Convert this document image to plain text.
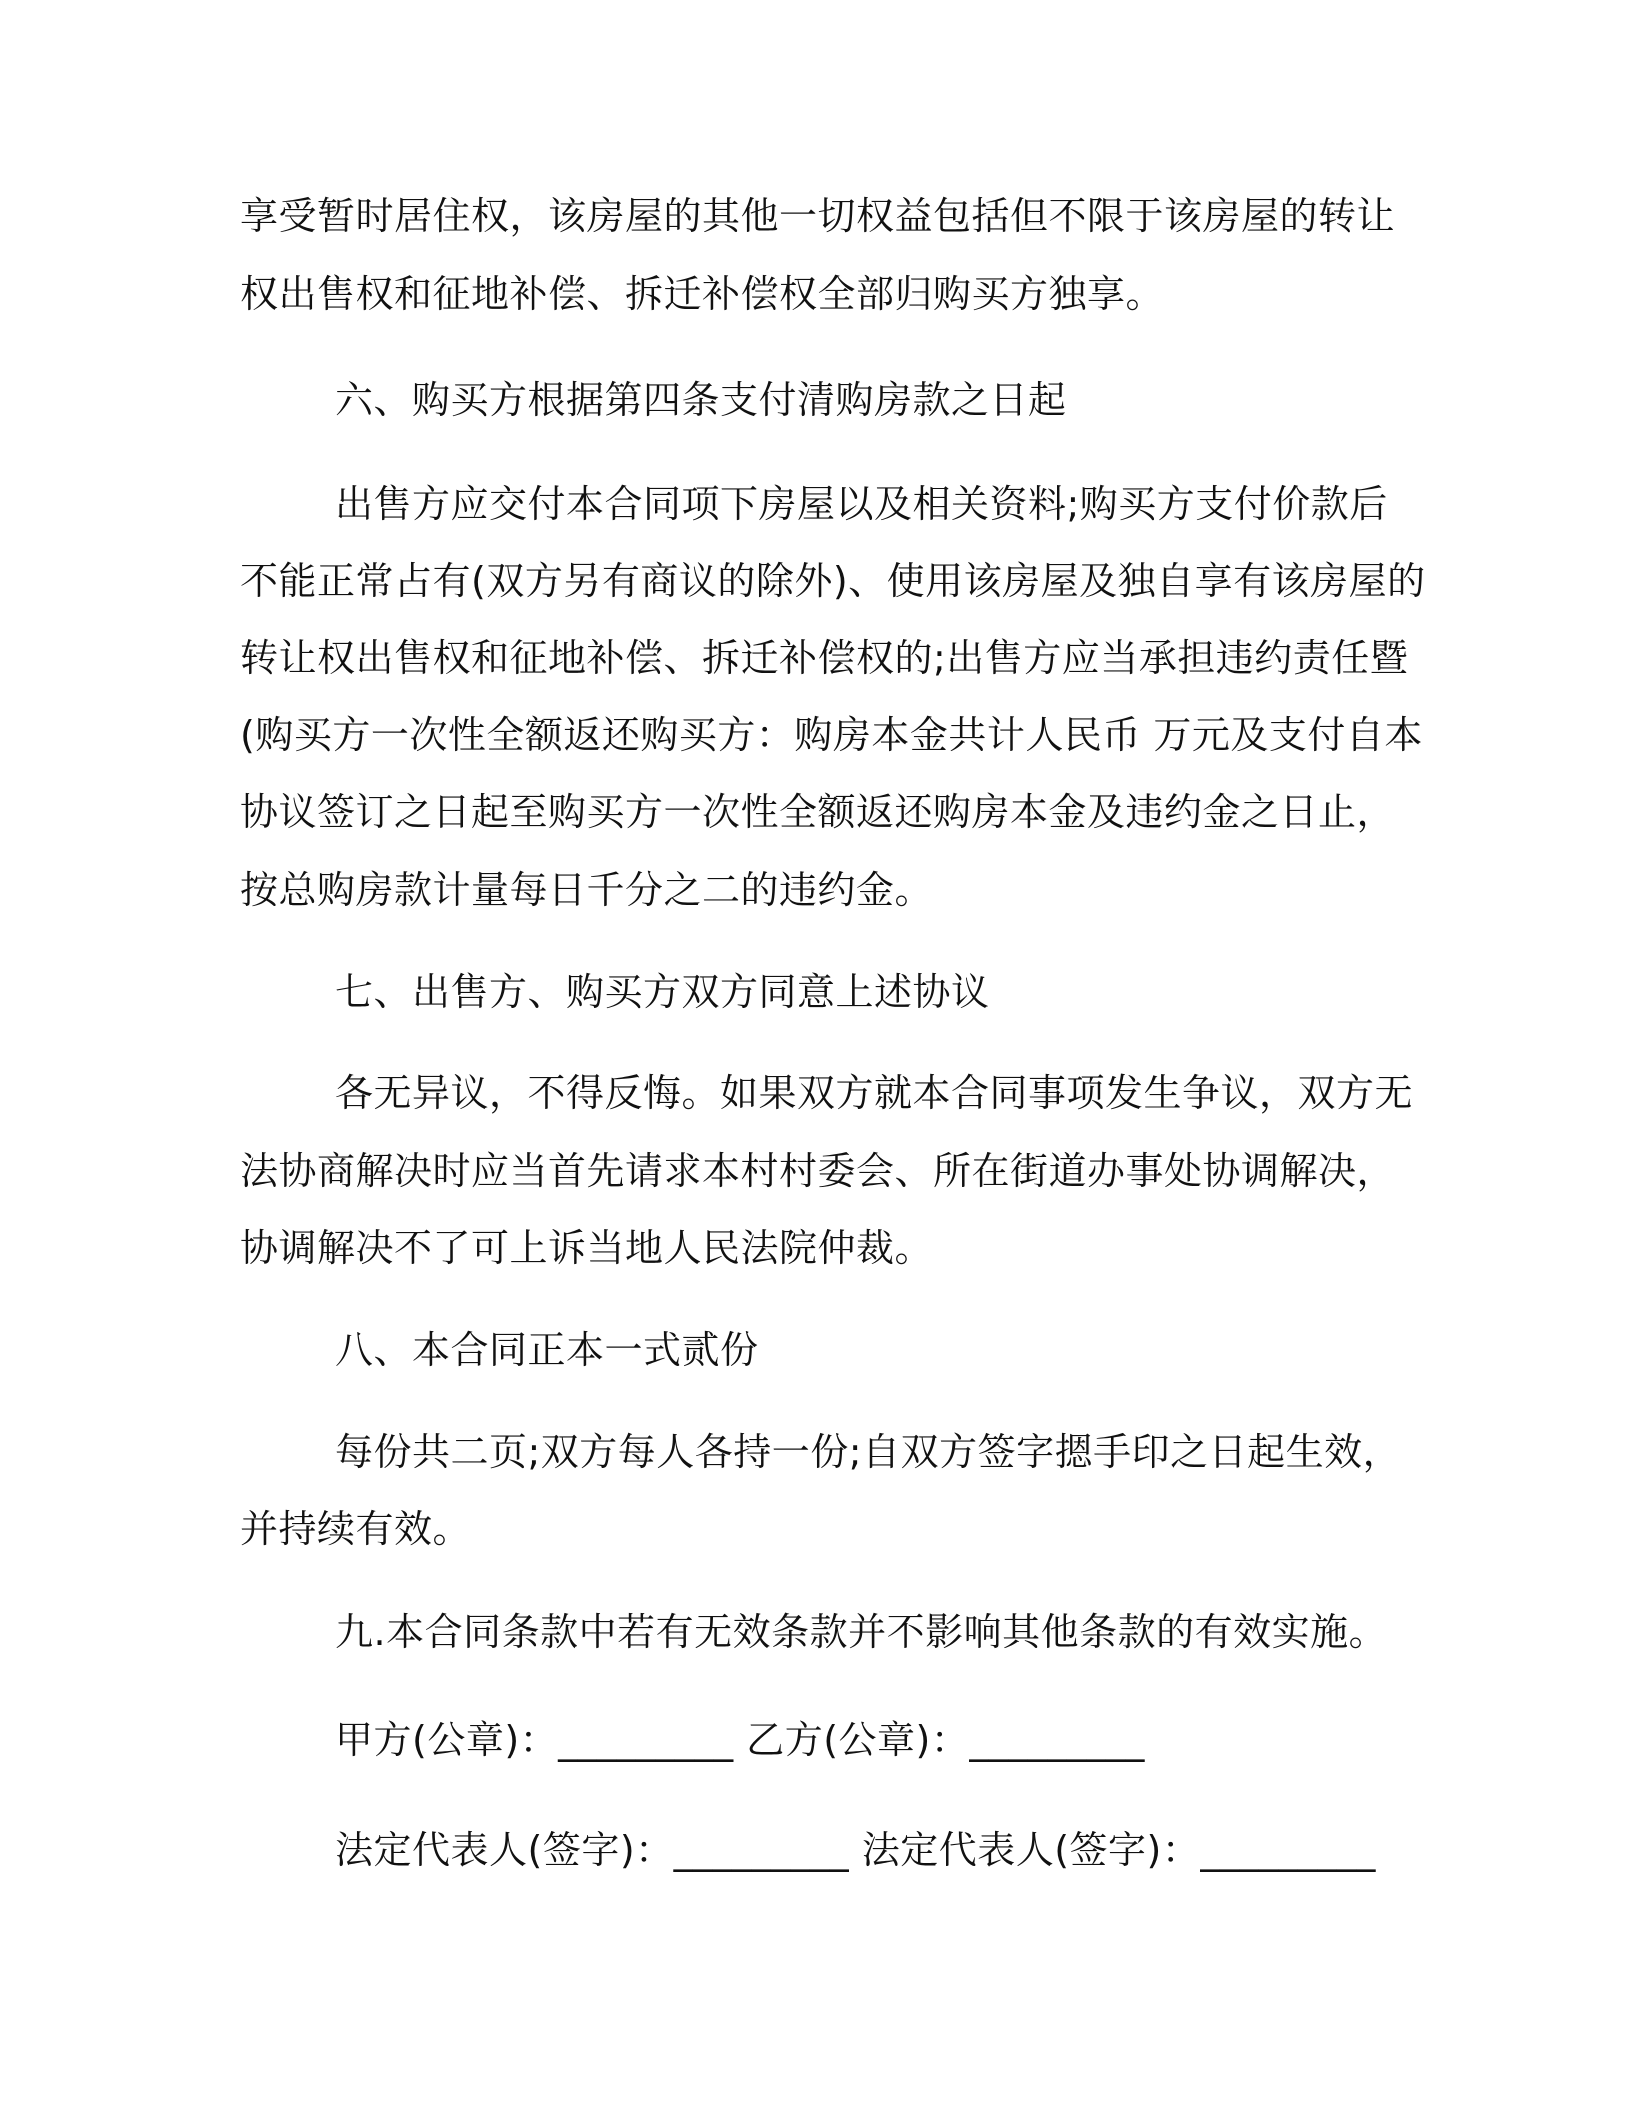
享受暂时居住权，该房屋的其他一切权益包括但不限于该房屋的转让
权出售权和征地补偿、拆迁补偿权全部归购买方独享。
六、购买方根据第四条支付清购房款之日起
出售方应交付本合同项下房屋以及相关资料;购买方支付价款后
不能正常占有(双方另有商议的除外)、使用该房屋及独自享有该房屋的
转让权出售权和征地补偿、拆迁补偿权的;出售方应当承担违约责任暨
(购买方一次性全额返还购买方：购房本金共计人民币 万元及支付自本
协议签订之日起至购买方一次性全额返还购房本金及违约金之日止，
按总购房款计量每日千分之二的违约金。
七、出售方、购买方双方同意上述协议
各无异议，不得反悔。如果双方就本合同事项发生争议，双方无
法协商解决时应当首先请求本村村委会、所在街道办事处协调解决，
协调解决不了可上诉当地人民法院仲裁。
八、本合同正本一式贰份
每份共二页;双方每人各持一份;自双方签字摁手印之日起生效，
并持续有效。
九.本合同条款中若有无效条款并不影响其他条款的有效实施。
甲方(公章)：_________ 乙方(公章)：_________
法定代表人(签字)：_________ 法定代表人(签字)：_________
